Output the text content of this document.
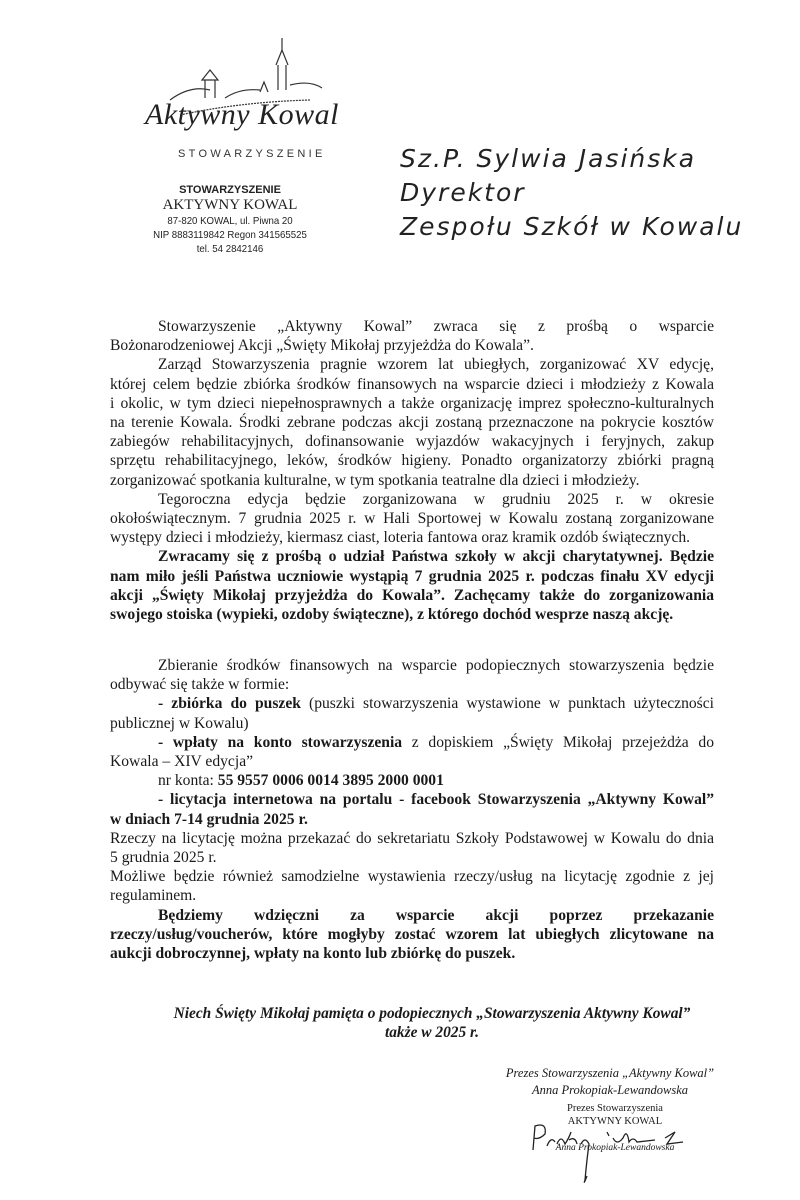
Aktywny Kowal
STOWARZYSZENIE
STOWARZYSZENIE
AKTYWNY KOWAL
87-820 KOWAL, ul. Piwna 20
NIP 8883119842 Regon 341565525
tel. 54 2842146
Sz.P. Sylwia Jasińska
Dyrektor
Zespołu Szkół w Kowalu
Stowarzyszenie „Aktywny Kowal” zwraca się z prośbą o wsparcie
Bożonarodzeniowej Akcji „Święty Mikołaj przyjeżdża do Kowala”.
Zarząd Stowarzyszenia pragnie wzorem lat ubiegłych, zorganizować XV edycję,
której celem będzie zbiórka środków finansowych na wsparcie dzieci i młodzieży z Kowala
i okolic, w tym dzieci niepełnosprawnych a także organizację imprez społeczno-kulturalnych
na terenie Kowala. Środki zebrane podczas akcji zostaną przeznaczone na pokrycie kosztów
zabiegów rehabilitacyjnych, dofinansowanie wyjazdów wakacyjnych i feryjnych, zakup
sprzętu rehabilitacyjnego, leków, środków higieny. Ponadto organizatorzy zbiórki pragną
zorganizować spotkania kulturalne, w tym spotkania teatralne dla dzieci i młodzieży.
Tegoroczna edycja będzie zorganizowana w grudniu 2025 r. w okresie
okołoświątecznym. 7 grudnia 2025 r. w Hali Sportowej w Kowalu zostaną zorganizowane
występy dzieci i młodzieży, kiermasz ciast, loteria fantowa oraz kramik ozdób świątecznych.
Zwracamy się z prośbą o udział Państwa szkoły w akcji charytatywnej. Będzie
nam miło jeśli Państwa uczniowie wystąpią 7 grudnia 2025 r. podczas finału XV edycji
akcji „Święty Mikołaj przyjeżdża do Kowala”. Zachęcamy także do zorganizowania
swojego stoiska (wypieki, ozdoby świąteczne), z którego dochód wesprze naszą akcję.
Zbieranie środków finansowych na wsparcie podopiecznych stowarzyszenia będzie
odbywać się także w formie:
- zbiórka do puszek (puszki stowarzyszenia wystawione w punktach użyteczności
publicznej w Kowalu)
- wpłaty na konto stowarzyszenia z dopiskiem „Święty Mikołaj przejeżdża do
Kowala – XIV edycja”
nr konta: 55 9557 0006 0014 3895 2000 0001
- licytacja internetowa na portalu - facebook Stowarzyszenia „Aktywny Kowal”
w dniach 7-14 grudnia 2025 r.
Rzeczy na licytację można przekazać do sekretariatu Szkoły Podstawowej w Kowalu do dnia
5 grudnia 2025 r.
Możliwe będzie również samodzielne wystawienia rzeczy/usług na licytację zgodnie z jej
regulaminem.
Będziemy wdzięczni za wsparcie akcji poprzez przekazanie
rzeczy/usług/voucherów, które mogłyby zostać wzorem lat ubiegłych zlicytowane na
aukcji dobroczynnej, wpłaty na konto lub zbiórkę do puszek.
Niech Święty Mikołaj pamięta o podopiecznych „Stowarzyszenia Aktywny Kowal”
także w 2025 r.
Prezes Stowarzyszenia „Aktywny Kowal”
Anna Prokopiak-Lewandowska
Prezes Stowarzyszenia
AKTYWNY KOWAL
Anna Prokopiak-Lewandowska
